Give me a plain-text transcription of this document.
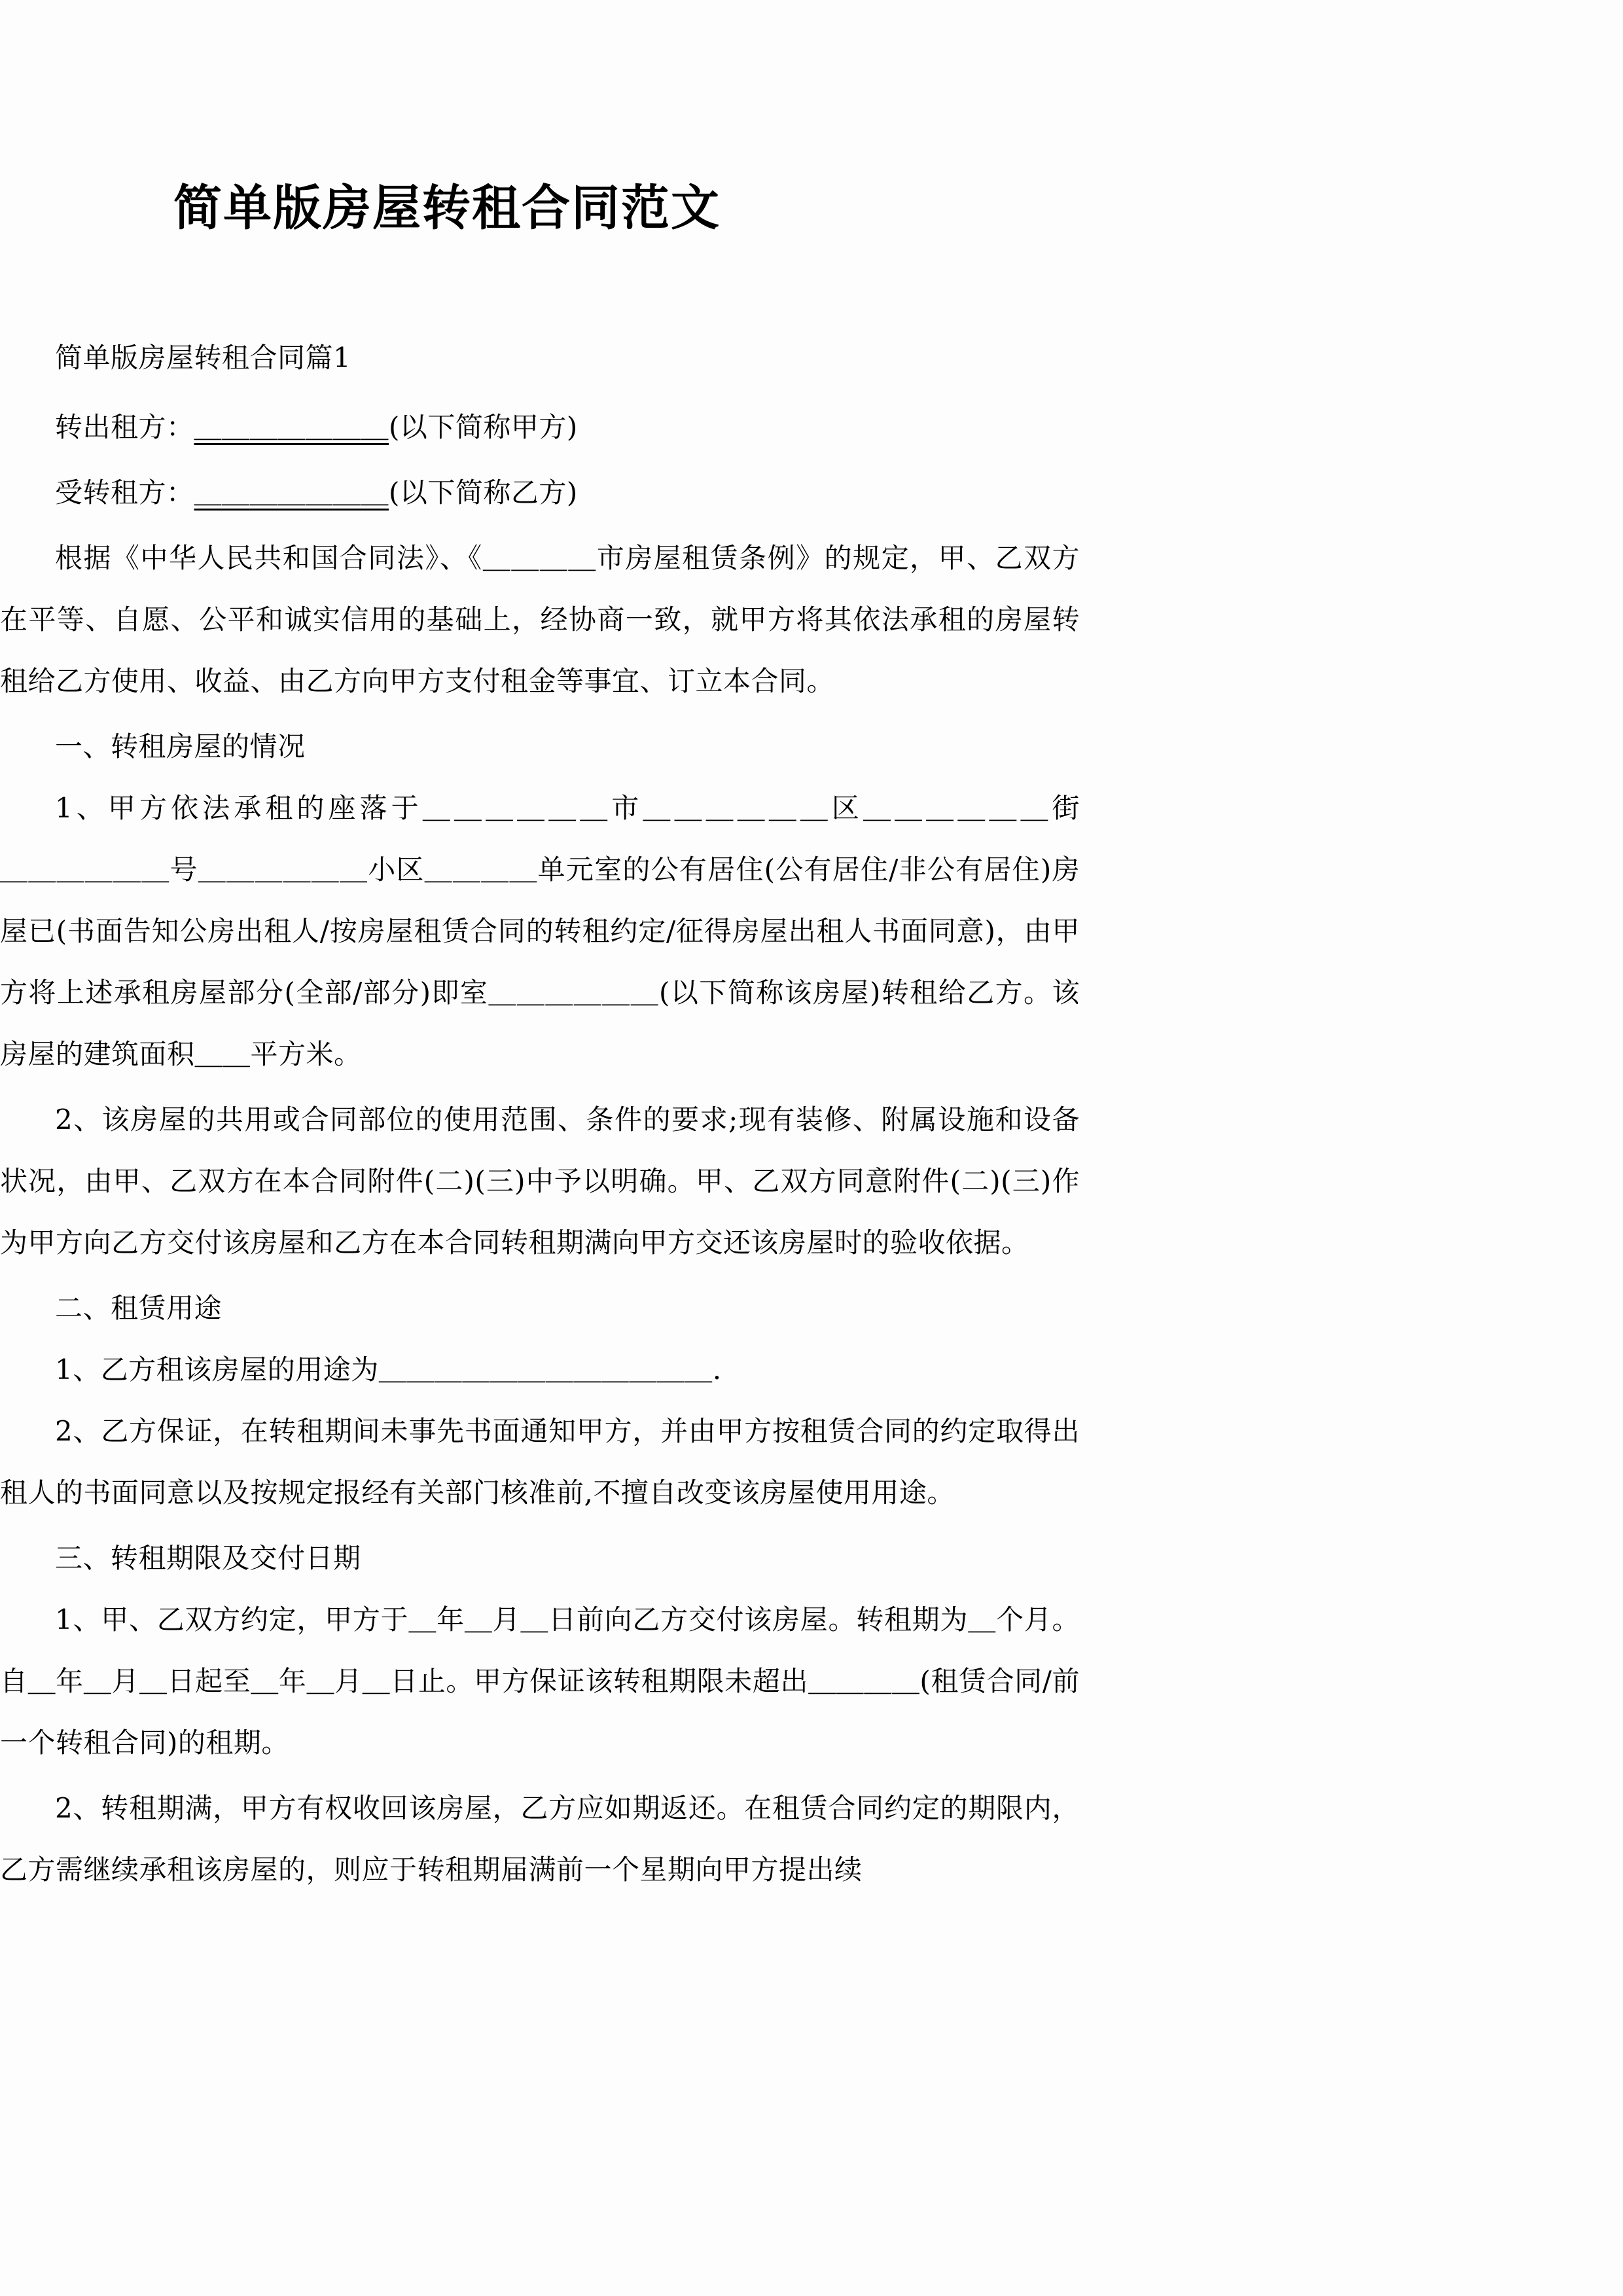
简单版房屋转租合同范文

简单版房屋转租合同篇1

转出租方：＿＿＿＿＿＿＿(以下简称甲方)

受转租方：＿＿＿＿＿＿＿(以下简称乙方)

根据《中华人民共和国合同法》、《＿＿＿＿市房屋租赁条例》的规定，甲、乙双方在平等、自愿、公平和诚实信用的基础上，经协商一致，就甲方将其依法承租的房屋转租给乙方使用、收益、由乙方向甲方支付租金等事宜、订立本合同。

一、转租房屋的情况

1、甲方依法承租的座落于＿＿＿＿＿＿市＿＿＿＿＿＿区＿＿＿＿＿＿街

＿＿＿＿＿＿号＿＿＿＿＿＿小区＿＿＿＿单元室的公有居住(公有居住/非公有居住)房屋已(书面告知公房出租人/按房屋租赁合同的转租约定/征得房屋出租人书面同意)，由甲方将上述承租房屋部分(全部/部分)即室＿＿＿＿＿＿(以下简称该房屋)转租给乙方。该房屋的建筑面积＿＿平方米。

2、该房屋的共用或合同部位的使用范围、条件的要求;现有装修、附属设施和设备状况，由甲、乙双方在本合同附件(二)(三)中予以明确。甲、乙双方同意附件(二)(三)作为甲方向乙方交付该房屋和乙方在本合同转租期满向甲方交还该房屋时的验收依据。

二、租赁用途

1、乙方租该房屋的用途为＿＿＿＿＿＿＿＿＿＿＿＿.

2、乙方保证，在转租期间未事先书面通知甲方，并由甲方按租赁合同的约定取得出租人的书面同意以及按规定报经有关部门核准前,不擅自改变该房屋使用用途。

三、转租期限及交付日期

1、甲、乙双方约定，甲方于＿年＿月＿日前向乙方交付该房屋。转租期为＿个月。自＿年＿月＿日起至＿年＿月＿日止。甲方保证该转租期限未超出＿＿＿＿(租赁合同/前一个转租合同)的租期。

2、转租期满，甲方有权收回该房屋，乙方应如期返还。在租赁合同约定的期限内，乙方需继续承租该房屋的，则应于转租期届满前一个星期向甲方提出续
